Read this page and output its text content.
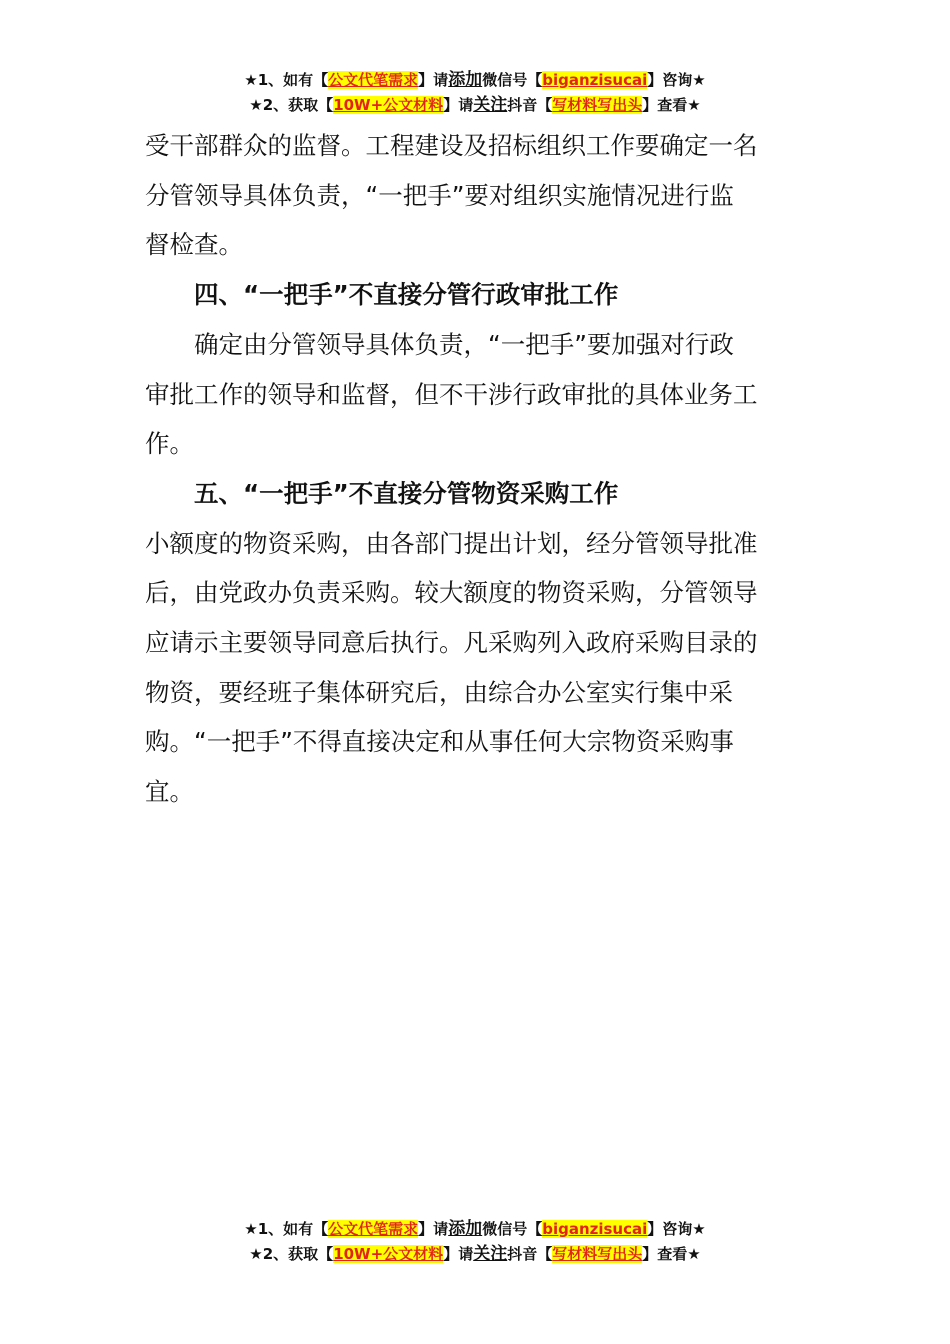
★1、如有【公文代笔需求】请添加微信号【biganzisucai】咨询★
★2、获取【10W+公文材料】请关注抖音【写材料写出头】查看★

受干部群众的监督。工程建设及招标组织工作要确定一名

分管领导具体负责，“一把手”要对组织实施情况进行监

督检查。

四、“一把手”不直接分管行政审批工作

确定由分管领导具体负责，“一把手”要加强对行政

审批工作的领导和监督，但不干涉行政审批的具体业务工

作。

五、“一把手”不直接分管物资采购工作

小额度的物资采购，由各部门提出计划，经分管领导批准

后，由党政办负责采购。较大额度的物资采购，分管领导

应请示主要领导同意后执行。凡采购列入政府采购目录的

物资，要经班子集体研究后，由综合办公室实行集中采

购。“一把手”不得直接决定和从事任何大宗物资采购事

宜。

★1、如有【公文代笔需求】请添加微信号【biganzisucai】咨询★
★2、获取【10W+公文材料】请关注抖音【写材料写出头】查看★
